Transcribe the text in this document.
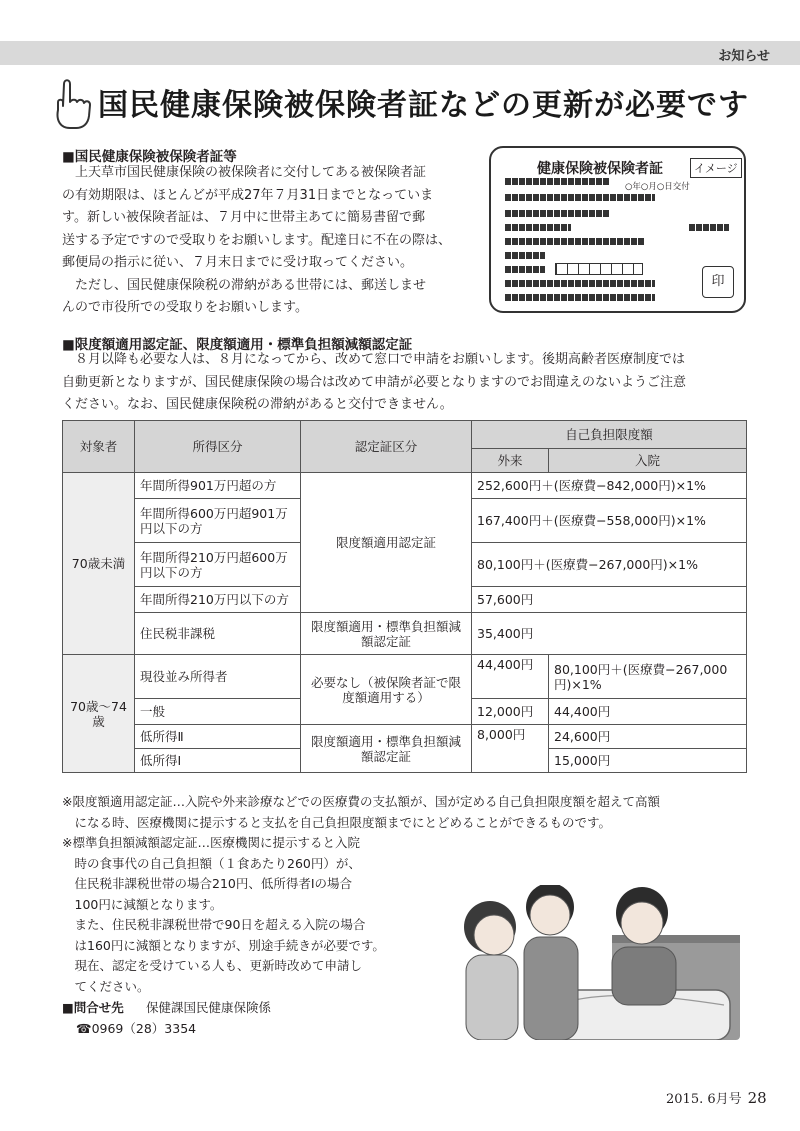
お知らせ
国民健康保険被保険者証などの更新が必要です
■国民健康保険被保険者証等
　上天草市国民健康保険の被保険者に交付してある被保険者証
の有効期限は、ほとんどが平成27年７月31日までとなっていま
す。新しい被保険者証は、７月中に世帯主あてに簡易書留で郵
送する予定ですので受取りをお願いします。配達日に不在の際は、
郵便局の指示に従い、７月末日までに受け取ってください。
　ただし、国民健康保険税の滞納がある世帯には、郵送しませ
んので市役所での受取りをお願いします。
健康保険被保険者証	イメージ
○年○月○日交付
印
■限度額適用認定証、限度額適用・標準負担額減額認定証
　８月以降も必要な人は、８月になってから、改めて窓口で申請をお願いします。後期高齢者医療制度では
自動更新となりますが、国民健康保険の場合は改めて申請が必要となりますのでお間違えのないようご注意
ください。なお、国民健康保険税の滞納があると交付できません。
対象者	所得区分	認定証区分	自己負担限度額	
			外来	入院
70歳未満	年間所得901万円超の方	限度額適用認定証	252,600円＋(医療費−842,000円)×1%	
	年間所得600万円超901万円以下の方		167,400円＋(医療費−558,000円)×1%	
	年間所得210万円超600万円以下の方		80,100円＋(医療費−267,000円)×1%	
	年間所得210万円以下の方		57,600円	
	住民税非課税	限度額適用・標準負担額減額認定証	35,400円	
70歳〜74歳	現役並み所得者	必要なし（被保険者証で限度額適用する）	44,400円	80,100円＋(医療費−267,000円)×1%
	一般		12,000円	44,400円
	低所得Ⅱ	限度額適用・標準負担額減額認定証	8,000円	24,600円
	低所得Ⅰ			15,000円
※限度額適用認定証…入院や外来診療などでの医療費の支払額が、国が定める自己負担限度額を超えて高額
　になる時、医療機関に提示すると支払を自己負担限度額までにとどめることができるものです。
※標準負担額減額認定証…医療機関に提示すると入院
　時の食事代の自己負担額（１食あたり260円）が、
　住民税非課税世帯の場合210円、低所得者Ⅰの場合
　100円に減額となります。
　また、住民税非課税世帯で90日を超える入院の場合
　は160円に減額となりますが、別途手続きが必要です。
　現在、認定を受けている人も、更新時改めて申請し
　てください。
■問合せ先 保健課国民健康保険係
☎0969（28）3354
2015. 6月号 28
